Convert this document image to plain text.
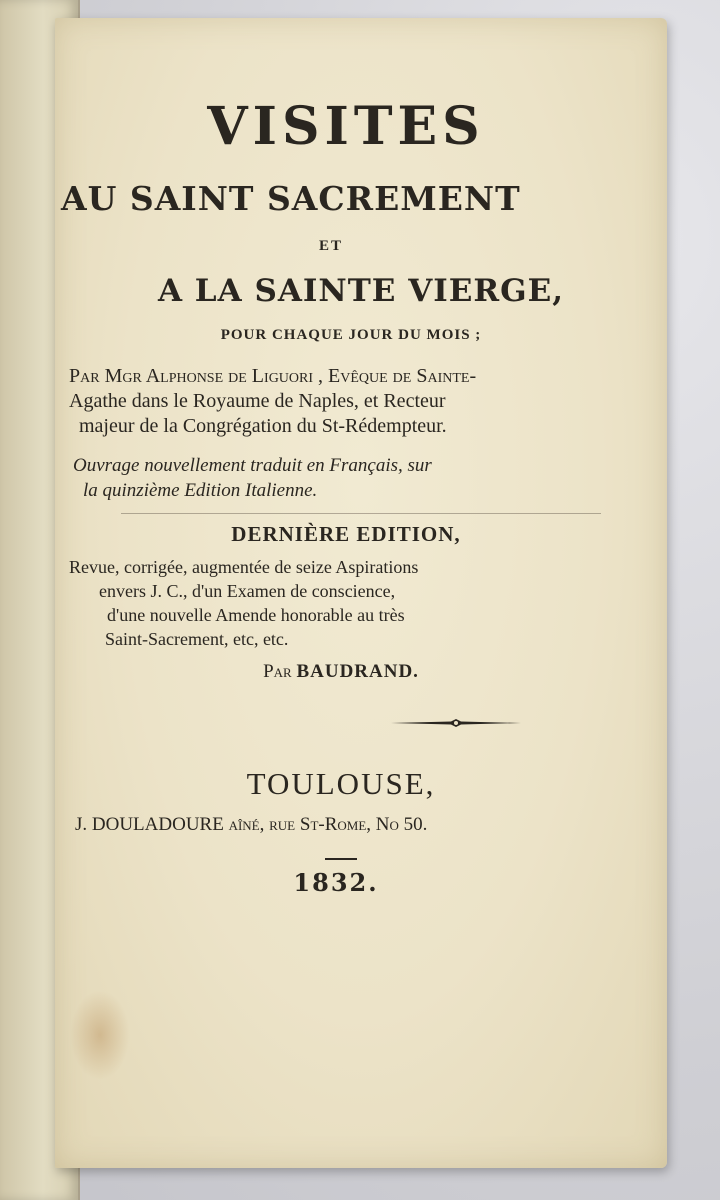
VISITES

AU SAINT SACREMENT

ET

A LA SAINTE VIERGE,

POUR CHAQUE JOUR DU MOIS ;

Par Mgr Alphonse de Liguori , Evêque de Sainte-

Agathe dans le Royaume de Naples, et Recteur

majeur de la Congrégation du St-Rédempteur.

Ouvrage nouvellement traduit en Français, sur

la quinzième Edition Italienne.

DERNIÈRE EDITION,

Revue, corrigée, augmentée de seize Aspirations

envers J. C., d'un Examen de conscience,

d'une nouvelle Amende honorable au très

Saint-Sacrement, etc, etc.

Par BAUDRAND.

TOULOUSE,

J. DOULADOURE aîné, rue St-Rome, No 50.

1832.
